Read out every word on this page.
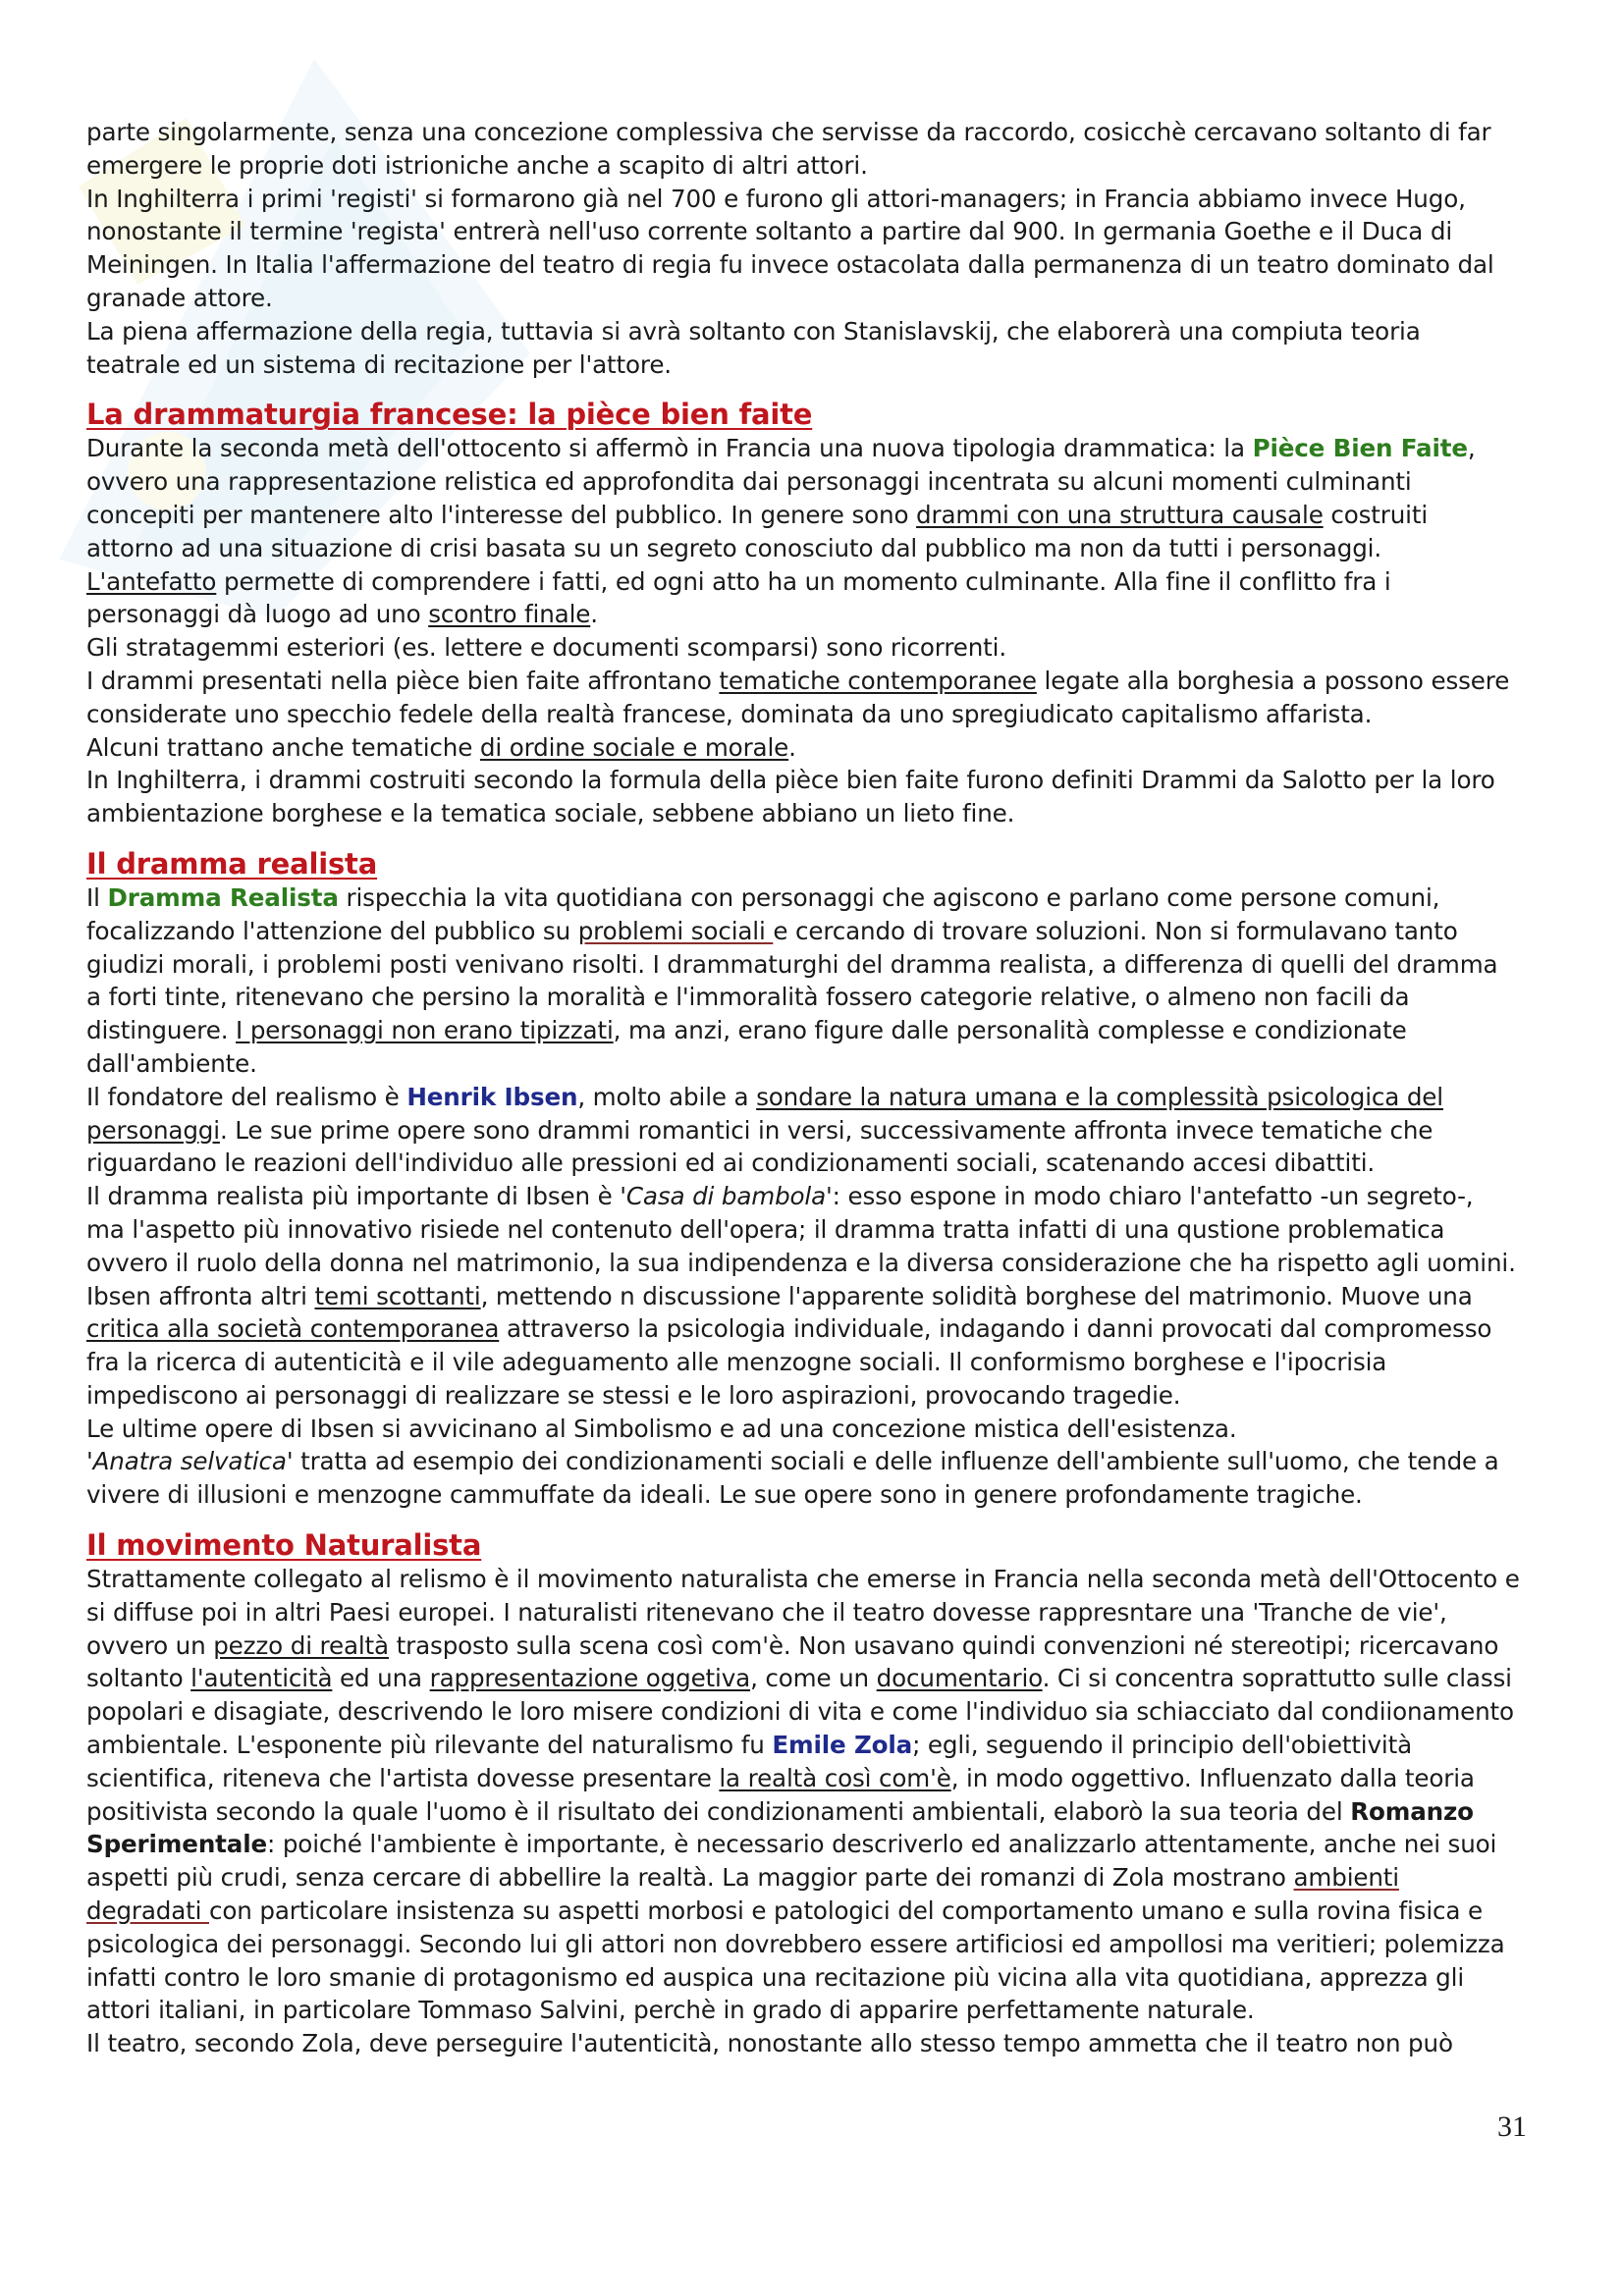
parte singolarmente, senza una concezione complessiva che servisse da raccordo, cosicchè cercavano soltanto di far

emergere le proprie doti istrioniche anche a scapito di altri attori.

In Inghilterra i primi 'registi' si formarono già nel 700 e furono gli attori-managers; in Francia abbiamo invece Hugo,

nonostante il termine 'regista' entrerà nell'uso corrente soltanto a partire dal 900. In germania Goethe e il Duca di

Meiningen. In Italia l'affermazione del teatro di regia fu invece ostacolata dalla permanenza di un teatro dominato dal

granade attore.

La piena affermazione della regia, tuttavia si avrà soltanto con Stanislavskij, che elaborerà una compiuta teoria

teatrale ed un sistema di recitazione per l'attore.

La drammaturgia francese: la pièce bien faite

Durante la seconda metà dell'ottocento si affermò in Francia una nuova tipologia drammatica: la Pièce Bien Faite,

ovvero una rappresentazione relistica ed approfondita dai personaggi incentrata su alcuni momenti culminanti

concepiti per mantenere alto l'interesse del pubblico. In genere sono drammi con una struttura causale costruiti

attorno ad una situazione di crisi basata su un segreto conosciuto dal pubblico ma non da tutti i personaggi.

L'antefatto permette di comprendere i fatti, ed ogni atto ha un momento culminante. Alla fine il conflitto fra i

personaggi dà luogo ad uno scontro finale.

Gli stratagemmi esteriori (es. lettere e documenti scomparsi) sono ricorrenti.

I drammi presentati nella pièce bien faite affrontano tematiche contemporanee legate alla borghesia a possono essere

considerate uno specchio fedele della realtà francese, dominata da uno spregiudicato capitalismo affarista.

Alcuni trattano anche tematiche di ordine sociale e morale.

In Inghilterra, i drammi costruiti secondo la formula della pièce bien faite furono definiti Drammi da Salotto per la loro

ambientazione borghese e la tematica sociale, sebbene abbiano un lieto fine.

Il dramma realista

Il Dramma Realista rispecchia la vita quotidiana con personaggi che agiscono e parlano come persone comuni,

focalizzando l'attenzione del pubblico su problemi sociali e cercando di trovare soluzioni. Non si formulavano tanto

giudizi morali, i problemi posti venivano risolti. I drammaturghi del dramma realista, a differenza di quelli del dramma

a forti tinte, ritenevano che persino la moralità e l'immoralità fossero categorie relative, o almeno non facili da

distinguere. I personaggi non erano tipizzati, ma anzi, erano figure dalle personalità complesse e condizionate

dall'ambiente.

Il fondatore del realismo è Henrik Ibsen, molto abile a sondare la natura umana e la complessità psicologica del

personaggi. Le sue prime opere sono drammi romantici in versi, successivamente affronta invece tematiche che

riguardano le reazioni dell'individuo alle pressioni ed ai condizionamenti sociali, scatenando accesi dibattiti.

Il dramma realista più importante di Ibsen è 'Casa di bambola': esso espone in modo chiaro l'antefatto -un segreto-,

ma l'aspetto più innovativo risiede nel contenuto dell'opera; il dramma tratta infatti di una qustione problematica

ovvero il ruolo della donna nel matrimonio, la sua indipendenza e la diversa considerazione che ha rispetto agli uomini.

Ibsen affronta altri temi scottanti, mettendo n discussione l'apparente solidità borghese del matrimonio. Muove una

critica alla società contemporanea attraverso la psicologia individuale, indagando i danni provocati dal compromesso

fra la ricerca di autenticità e il vile adeguamento alle menzogne sociali. Il conformismo borghese e l'ipocrisia

impediscono ai personaggi di realizzare se stessi e le loro aspirazioni, provocando tragedie.

Le ultime opere di Ibsen si avvicinano al Simbolismo e ad una concezione mistica dell'esistenza.

'Anatra selvatica' tratta ad esempio dei condizionamenti sociali e delle influenze dell'ambiente sull'uomo, che tende a

vivere di illusioni e menzogne cammuffate da ideali. Le sue opere sono in genere profondamente tragiche.

Il movimento Naturalista

Strattamente collegato al relismo è il movimento naturalista che emerse in Francia nella seconda metà dell'Ottocento e

si diffuse poi in altri Paesi europei. I naturalisti ritenevano che il teatro dovesse rappresntare una 'Tranche de vie',

ovvero un pezzo di realtà trasposto sulla scena così com'è. Non usavano quindi convenzioni né stereotipi; ricercavano

soltanto l'autenticità ed una rappresentazione oggetiva, come un documentario. Ci si concentra soprattutto sulle classi

popolari e disagiate, descrivendo le loro misere condizioni di vita e come l'individuo sia schiacciato dal condiionamento

ambientale. L'esponente più rilevante del naturalismo fu Emile Zola; egli, seguendo il principio dell'obiettività

scientifica, riteneva che l'artista dovesse presentare la realtà così com'è, in modo oggettivo. Influenzato dalla teoria

positivista secondo la quale l'uomo è il risultato dei condizionamenti ambientali, elaborò la sua teoria del Romanzo

Sperimentale: poiché l'ambiente è importante, è necessario descriverlo ed analizzarlo attentamente, anche nei suoi

aspetti più crudi, senza cercare di abbellire la realtà. La maggior parte dei romanzi di Zola mostrano ambienti

degradati con particolare insistenza su aspetti morbosi e patologici del comportamento umano e sulla rovina fisica e

psicologica dei personaggi. Secondo lui gli attori non dovrebbero essere artificiosi ed ampollosi ma veritieri; polemizza

infatti contro le loro smanie di protagonismo ed auspica una recitazione più vicina alla vita quotidiana, apprezza gli

attori italiani, in particolare Tommaso Salvini, perchè in grado di apparire perfettamente naturale.

Il teatro, secondo Zola, deve perseguire l'autenticità, nonostante allo stesso tempo ammetta che il teatro non può

31
